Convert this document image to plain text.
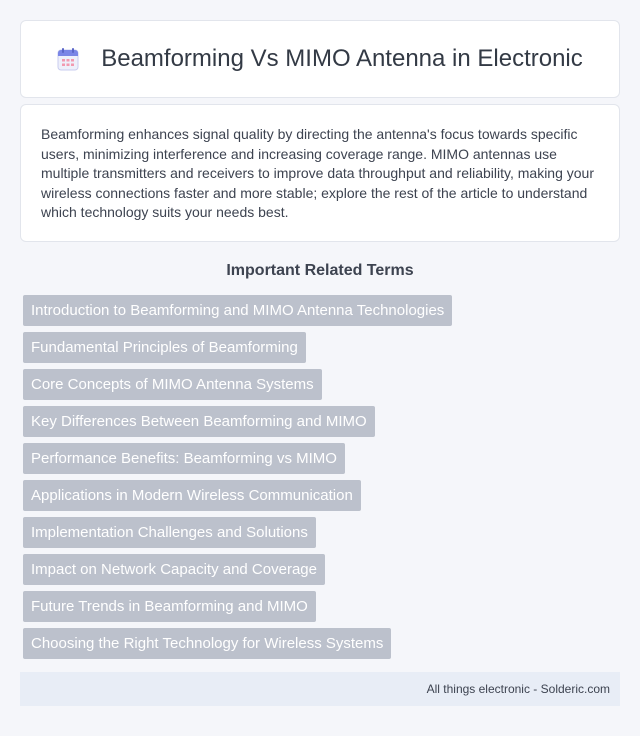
Beamforming Vs MIMO Antenna in Electronic

Beamforming enhances signal quality by directing the antenna's focus towards specific users, minimizing interference and increasing coverage range. MIMO antennas use multiple transmitters and receivers to improve data throughput and reliability, making your wireless connections faster and more stable; explore the rest of the article to understand which technology suits your needs best.

Important Related Terms
Introduction to Beamforming and MIMO Antenna Technologies
Fundamental Principles of Beamforming
Core Concepts of MIMO Antenna Systems
Key Differences Between Beamforming and MIMO
Performance Benefits: Beamforming vs MIMO
Applications in Modern Wireless Communication
Implementation Challenges and Solutions
Impact on Network Capacity and Coverage
Future Trends in Beamforming and MIMO
Choosing the Right Technology for Wireless Systems
All things electronic - Solderic.com
